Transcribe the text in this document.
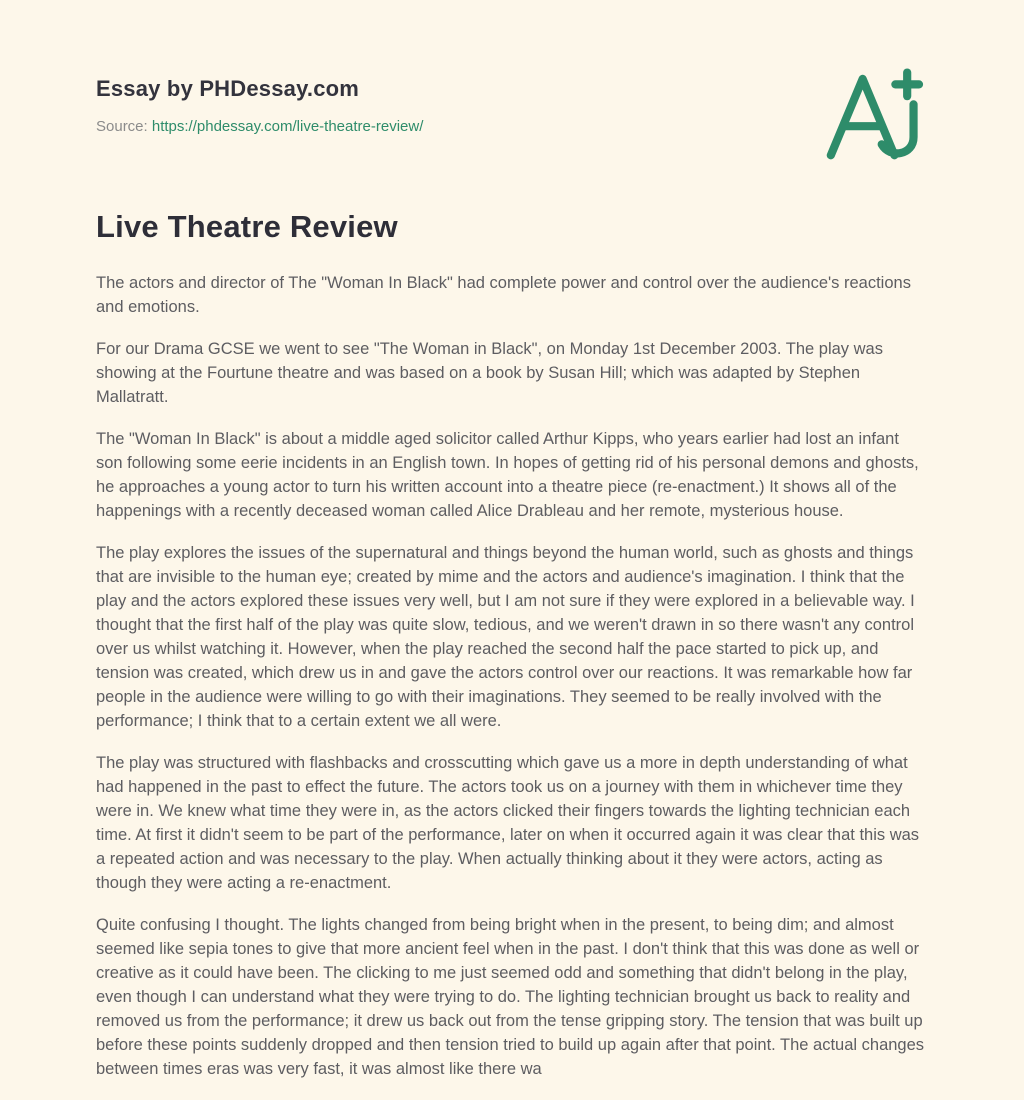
Essay by PHDessay.com
Source: https://phdessay.com/live-theatre-review/
Live Theatre Review

The actors and director of The "Woman In Black" had complete power and control over the audience's reactions and emotions.

For our Drama GCSE we went to see "The Woman in Black", on Monday 1st December 2003. The play was showing at the Fourtune theatre and was based on a book by Susan Hill; which was adapted by Stephen Mallatratt.

The "Woman In Black" is about a middle aged solicitor called Arthur Kipps, who years earlier had lost an infant son following some eerie incidents in an English town. In hopes of getting rid of his personal demons and ghosts, he approaches a young actor to turn his written account into a theatre piece (re-enactment.) It shows all of the happenings with a recently deceased woman called Alice Drableau and her remote, mysterious house.

The play explores the issues of the supernatural and things beyond the human world, such as ghosts and things that are invisible to the human eye; created by mime and the actors and audience's imagination. I think that the play and the actors explored these issues very well, but I am not sure if they were explored in a believable way. I thought that the first half of the play was quite slow, tedious, and we weren't drawn in so there wasn't any control over us whilst watching it. However, when the play reached the second half the pace started to pick up, and tension was created, which drew us in and gave the actors control over our reactions. It was remarkable how far people in the audience were willing to go with their imaginations. They seemed to be really involved with the performance; I think that to a certain extent we all were.

The play was structured with flashbacks and crosscutting which gave us a more in depth understanding of what had happened in the past to effect the future. The actors took us on a journey with them in whichever time they were in. We knew what time they were in, as the actors clicked their fingers towards the lighting technician each time. At first it didn't seem to be part of the performance, later on when it occurred again it was clear that this was a repeated action and was necessary to the play. When actually thinking about it they were actors, acting as though they were acting a re-enactment.

Quite confusing I thought. The lights changed from being bright when in the present, to being dim; and almost seemed like sepia tones to give that more ancient feel when in the past. I don't think that this was done as well or creative as it could have been. The clicking to me just seemed odd and something that didn't belong in the play, even though I can understand what they were trying to do. The lighting technician brought us back to reality and removed us from the performance; it drew us back out from the tense gripping story. The tension that was built up before these points suddenly dropped and then tension tried to build up again after that point. The actual changes between times eras was very fast, it was almost like there wa
